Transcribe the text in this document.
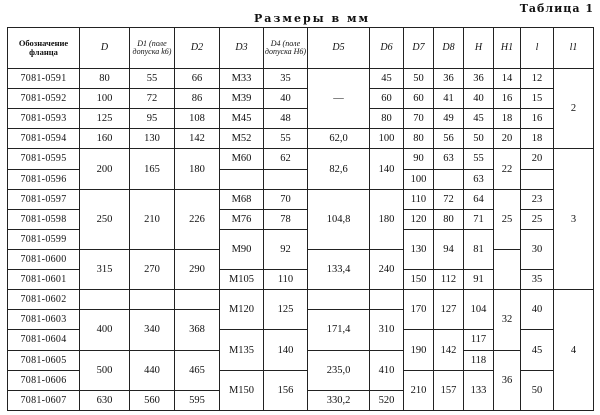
Размеры в мм
Таблица 1
Обозначение фланца	D	D1 (поле допуска k6)	D2	D3	D4 (поле допуска H6)	D5	D6	D7	D8	H	H1	l	l1
7081-0591	80	55	66	M33	35	—	45	50	36	36	14	12	2
7081-0592	100	72	86	M39	40		60	60	41	40	16	15	
7081-0593	125	95	108	M45	48		80	70	49	45	18	16	
7081-0594	160	130	142	M52	55	62,0	100	80	56	50	20	18	
7081-0595	200	165	180	M60	62	82,6	140	90	63	55	22	20	3
7081-0596								100		63			
7081-0597	250	210	226	M68	70	104,8	180	110	72	64	25	23	
7081-0598				M76	78			120	80	71		25	
7081-0599				M90	92			130	94	81		30	
7081-0600	315	270	290			133,4	240						
7081-0601				M105	110			150	112	91		35	
7081-0602				M120	125			170	127	104	32	40	4
7081-0603	400	340	368			171,4	310						
7081-0604				M135	140			190	142	117		45	
7081-0605	500	440	465			235,0	410			118	36		
7081-0606				M150	156			210	157	133		50	
7081-0607	630	560	595			330,2	520						
